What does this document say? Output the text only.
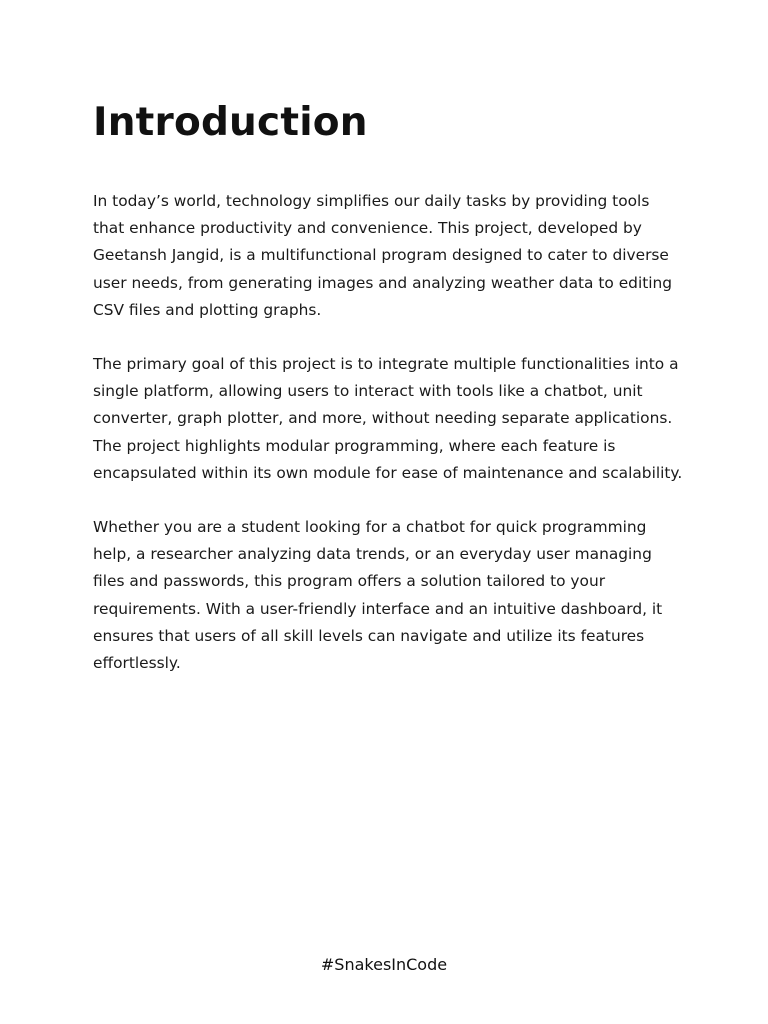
Introduction

In today’s world, technology simplifies our daily tasks by providing tools that enhance productivity and convenience. This project, developed by Geetansh Jangid, is a multifunctional program designed to cater to diverse user needs, from generating images and analyzing weather data to editing CSV files and plotting graphs.

The primary goal of this project is to integrate multiple functionalities into a single platform, allowing users to interact with tools like a chatbot, unit converter, graph plotter, and more, without needing separate applications. The project highlights modular programming, where each feature is encapsulated within its own module for ease of maintenance and scalability.

Whether you are a student looking for a chatbot for quick programming help, a researcher analyzing data trends, or an everyday user managing files and passwords, this program offers a solution tailored to your requirements. With a user-friendly interface and an intuitive dashboard, it ensures that users of all skill levels can navigate and utilize its features effortlessly.

#SnakesInCode
